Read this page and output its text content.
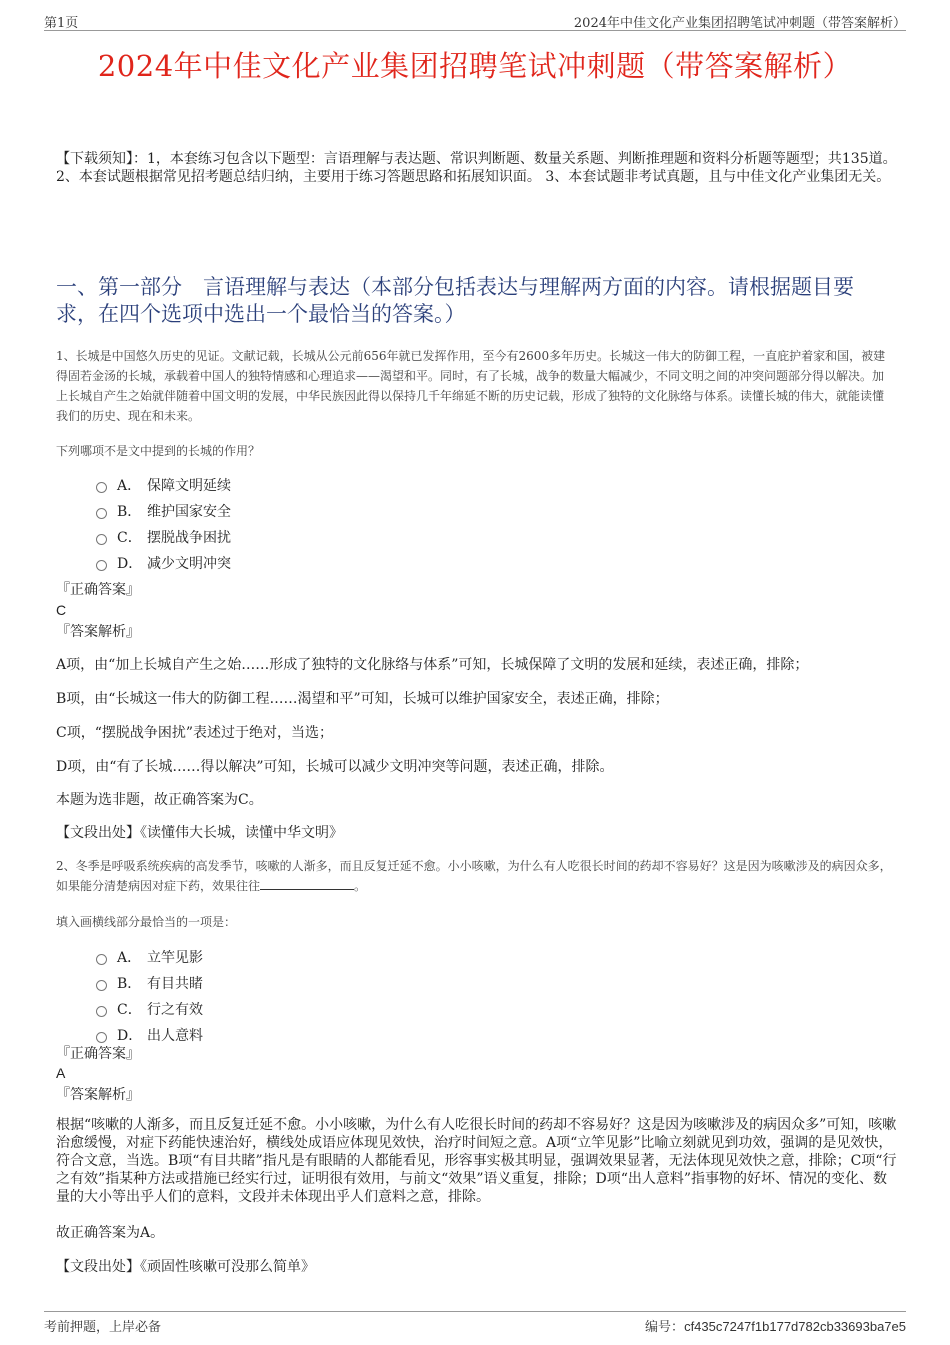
第1页	2024年中佳文化产业集团招聘笔试冲刺题（带答案解析）
2024年中佳文化产业集团招聘笔试冲刺题（带答案解析）
【下载须知】：1，本套练习包含以下题型：言语理解与表达题、常识判断题、数量关系题、判断推理题和资料分析题等题型；共135道。 2、本套试题根据常见招考题总结归纳，主要用于练习答题思路和拓展知识面。 3、本套试题非考试真题，且与中佳文化产业集团无关。
一、第一部分　言语理解与表达（本部分包括表达与理解两方面的内容。请根据题目要求，在四个选项中选出一个最恰当的答案。）
1、长城是中国悠久历史的见证。文献记载，长城从公元前656年就已发挥作用，至今有2600多年历史。长城这一伟大的防御工程，一直庇护着家和国，被建得固若金汤的长城，承载着中国人的独特情感和心理追求——渴望和平。同时，有了长城，战争的数量大幅减少，不同文明之间的冲突问题部分得以解决。加上长城自产生之始就伴随着中国文明的发展，中华民族因此得以保持几千年绵延不断的历史记载，形成了独特的文化脉络与体系。读懂长城的伟大，就能读懂我们的历史、现在和未来。
下列哪项不是文中提到的长城的作用？
A． 保障文明延续
B． 维护国家安全
C． 摆脱战争困扰
D． 减少文明冲突
『正确答案』
C
『答案解析』
A项，由“加上长城自产生之始……形成了独特的文化脉络与体系”可知，长城保障了文明的发展和延续，表述正确，排除；
B项，由“长城这一伟大的防御工程……渴望和平”可知，长城可以维护国家安全，表述正确，排除；
C项，“摆脱战争困扰”表述过于绝对，当选；
D项，由“有了长城……得以解决”可知，长城可以减少文明冲突等问题，表述正确，排除。
本题为选非题，故正确答案为C。
【文段出处】《读懂伟大长城，读懂中华文明》
2、冬季是呼吸系统疾病的高发季节，咳嗽的人渐多，而且反复迁延不愈。小小咳嗽，为什么有人吃很长时间的药却不容易好？这是因为咳嗽涉及的病因众多，如果能分清楚病因对症下药，效果往往	。
填入画横线部分最恰当的一项是：
A． 立竿见影
B． 有目共睹
C． 行之有效
D． 出人意料
『正确答案』
A
『答案解析』
根据“咳嗽的人渐多，而且反复迁延不愈。小小咳嗽，为什么有人吃很长时间的药却不容易好？这是因为咳嗽涉及的病因众多”可知，咳嗽治愈缓慢，对症下药能快速治好，横线处成语应体现见效快，治疗时间短之意。A项“立竿见影”比喻立刻就见到功效，强调的是见效快，符合文意，当选。B项“有目共睹”指凡是有眼睛的人都能看见，形容事实极其明显，强调效果显著，无法体现见效快之意，排除；C项“行之有效”指某种方法或措施已经实行过，证明很有效用，与前文“效果”语义重复，排除；D项“出人意料”指事物的好坏、情况的变化、数量的大小等出乎人们的意料，文段并未体现出乎人们意料之意，排除。
故正确答案为A。
【文段出处】《顽固性咳嗽可没那么简单》
考前押题，上岸必备	编号：cf435c7247f1b177d782cb33693ba7e5
